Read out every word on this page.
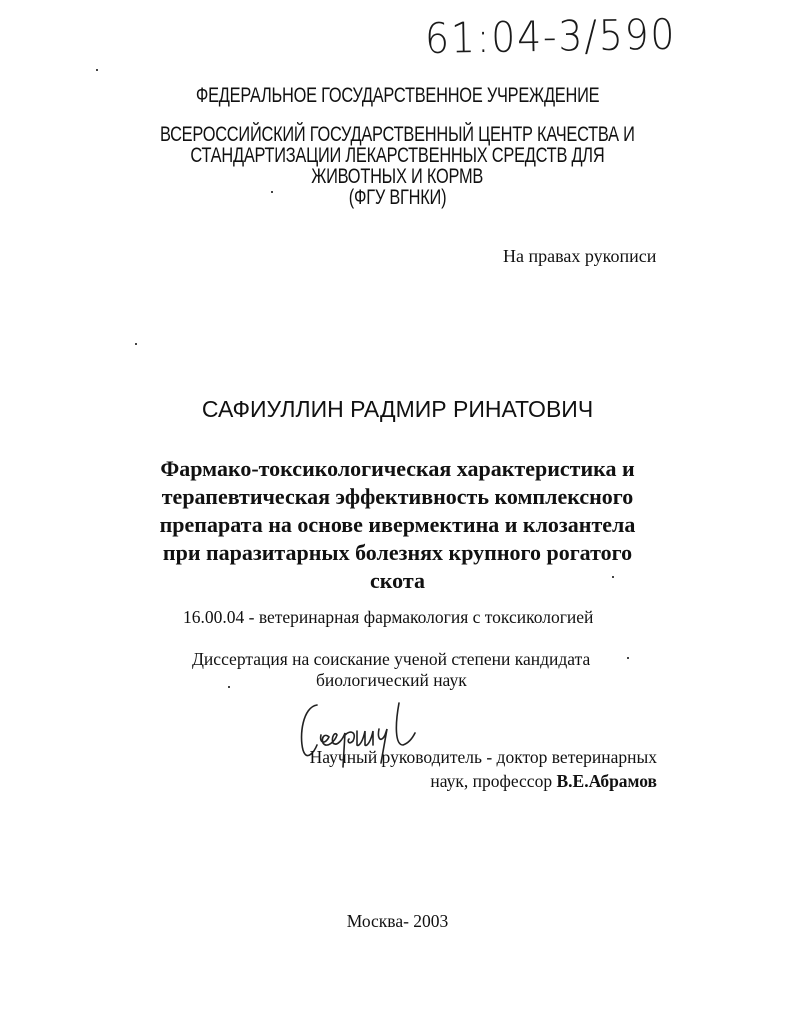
61:04-3/590
ФЕДЕРАЛЬНОЕ ГОСУДАРСТВЕННОЕ УЧРЕЖДЕНИЕ
ВСЕРОССИЙСКИЙ ГОСУДАРСТВЕННЫЙ ЦЕНТР КАЧЕСТВА И
СТАНДАРТИЗАЦИИ ЛЕКАРСТВЕННЫХ СРЕДСТВ ДЛЯ
ЖИВОТНЫХ И КОРМВ
(ФГУ ВГНКИ)
На правах рукописи
САФИУЛЛИН РАДМИР РИНАТОВИЧ
Фармако-токсикологическая характеристика и
терапевтическая эффективность комплексного
препарата на основе ивермектина и клозантела
при паразитарных болезнях крупного рогатого
скота
16.00.04 - ветеринарная фармакология с токсикологией
Диссертация на соискание ученой степени кандидата
биологический наук
Научный руководитель - доктор ветеринарных
наук, профессор В.Е.Абрамов
Москва- 2003
